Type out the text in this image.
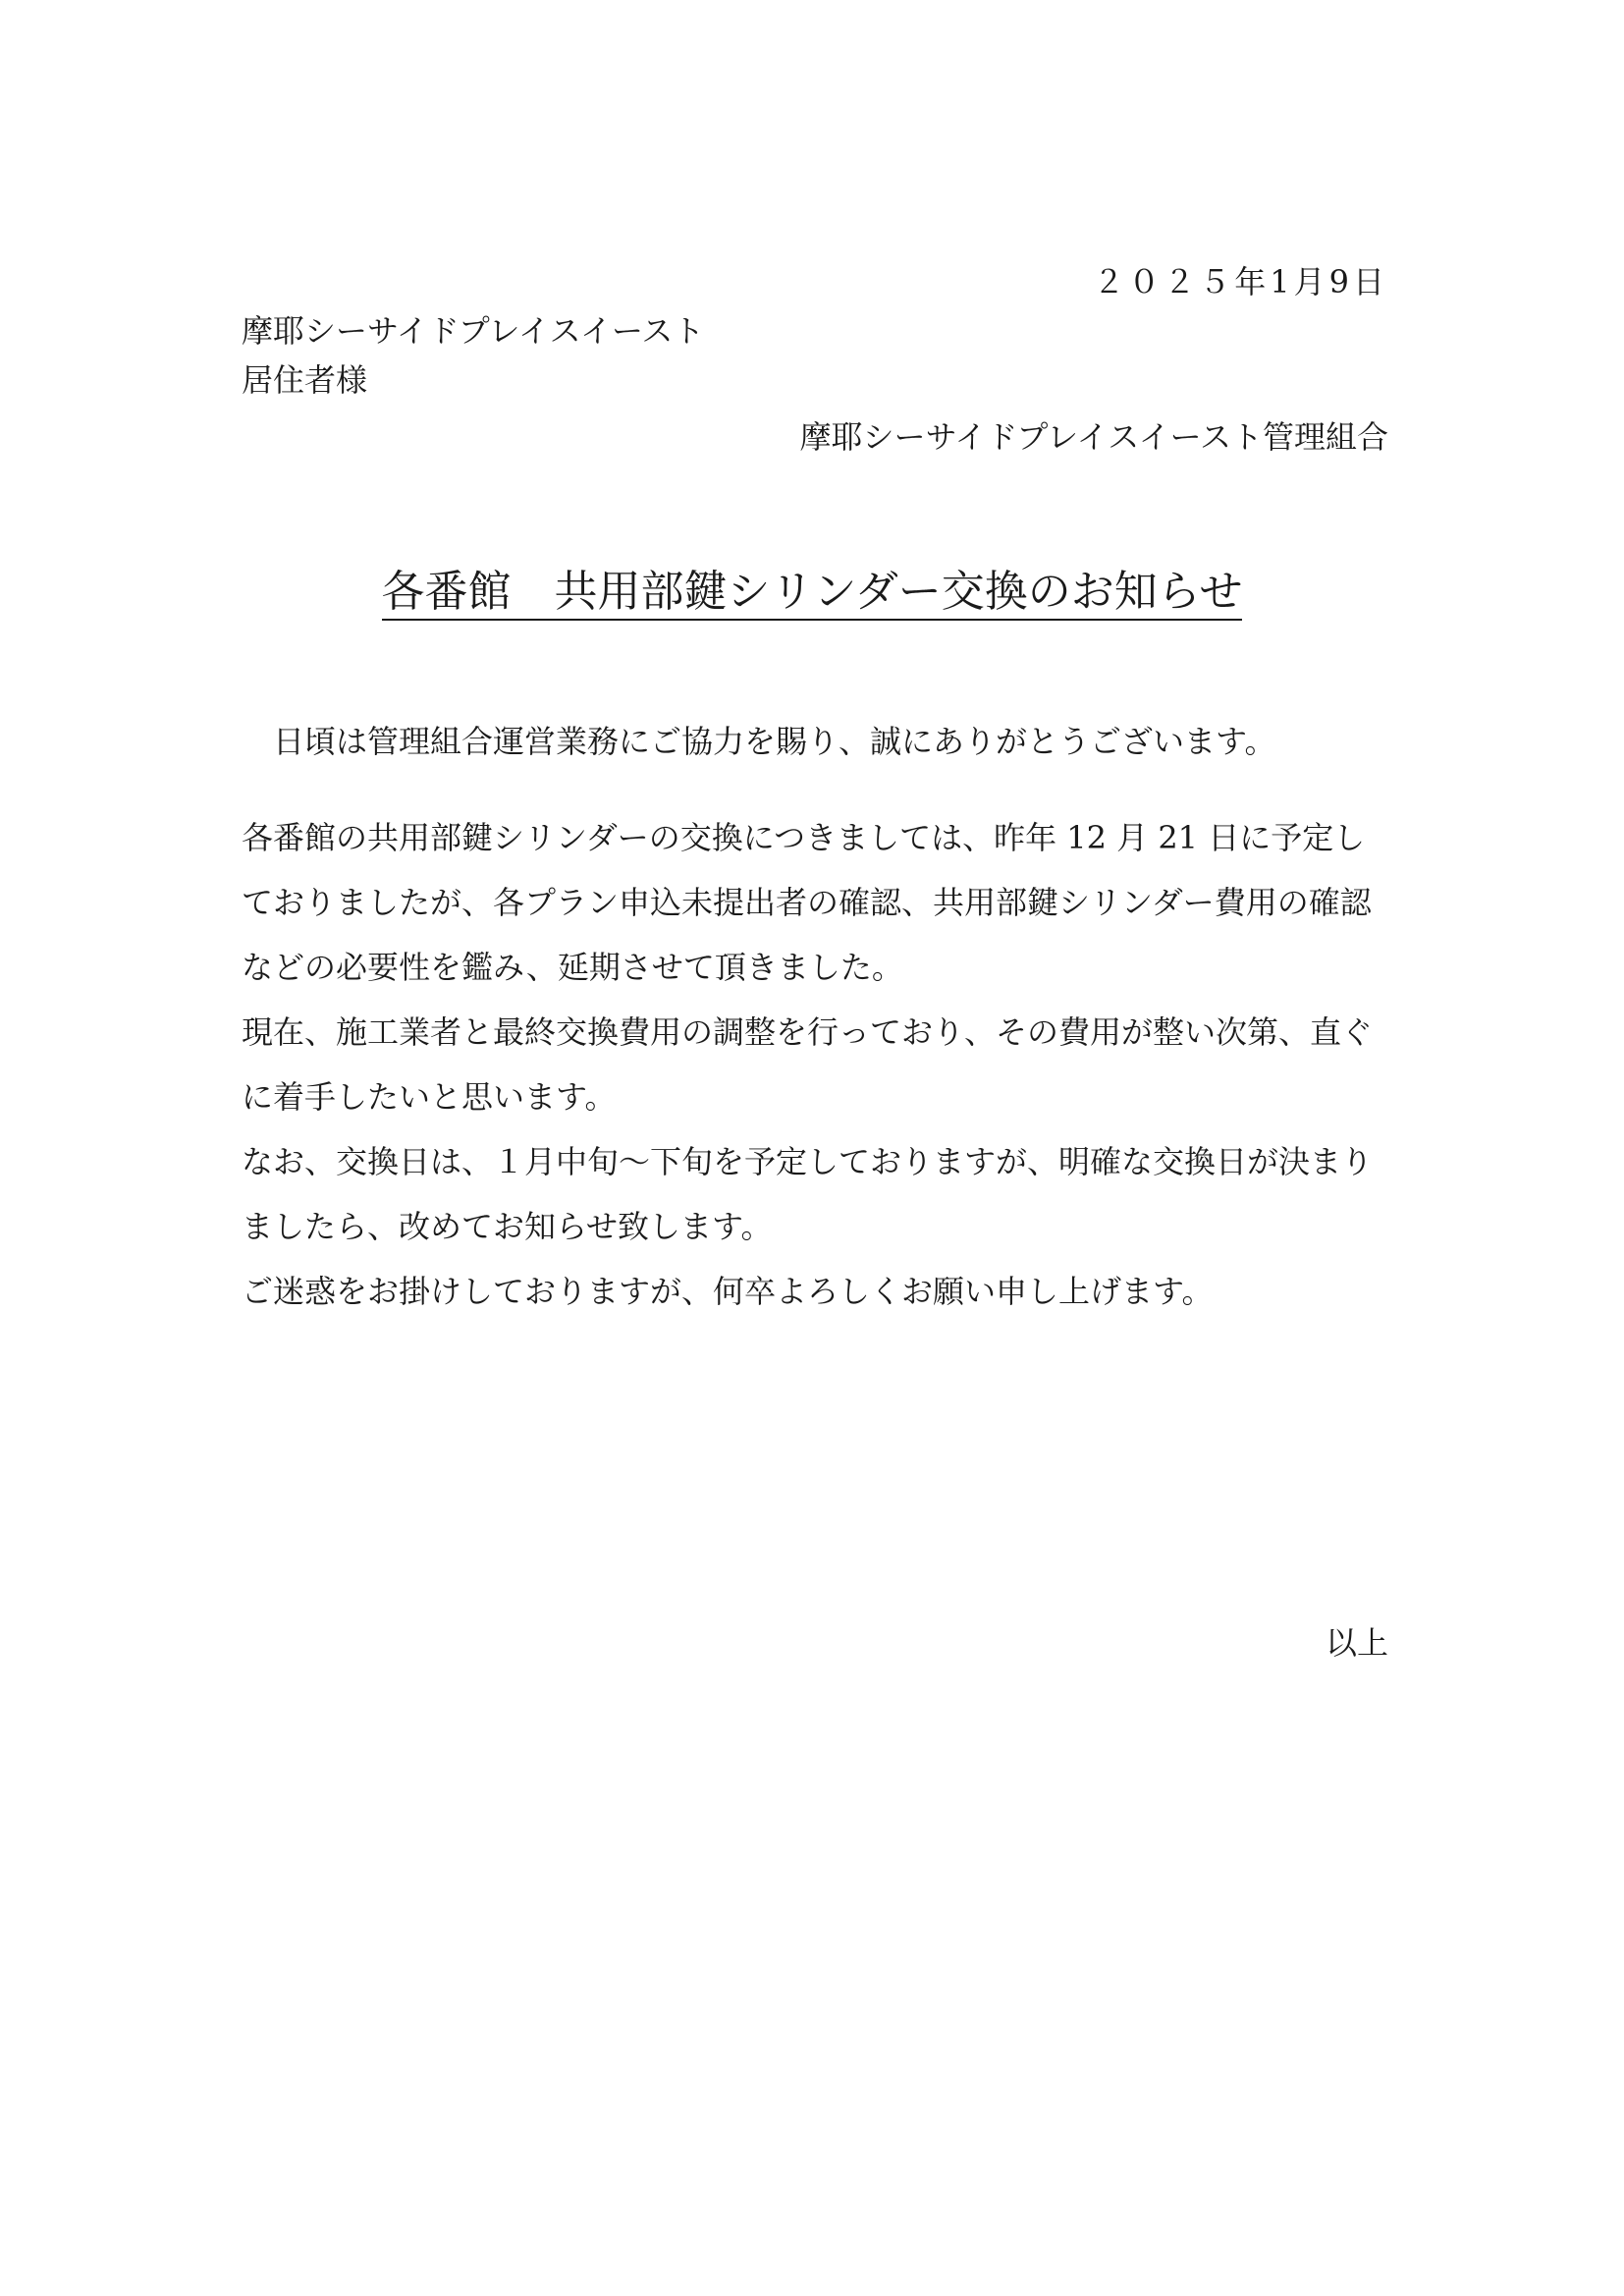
２０２５年1月9日
摩耶シーサイドプレイスイースト
居住者様
摩耶シーサイドプレイスイースト管理組合
各番館　共用部鍵シリンダー交換のお知らせ

日頃は管理組合運営業務にご協力を賜り、誠にありがとうございます。

各番館の共用部鍵シリンダーの交換につきましては、昨年 12 月 21 日に予定しておりましたが、各プラン申込未提出者の確認、共用部鍵シリンダー費用の確認などの必要性を鑑み、延期させて頂きました。

現在、施工業者と最終交換費用の調整を行っており、その費用が整い次第、直ぐに着手したいと思います。

なお、交換日は、１月中旬～下旬を予定しておりますが、明確な交換日が決まりましたら、改めてお知らせ致します。

ご迷惑をお掛けしておりますが、何卒よろしくお願い申し上げます。

以上
